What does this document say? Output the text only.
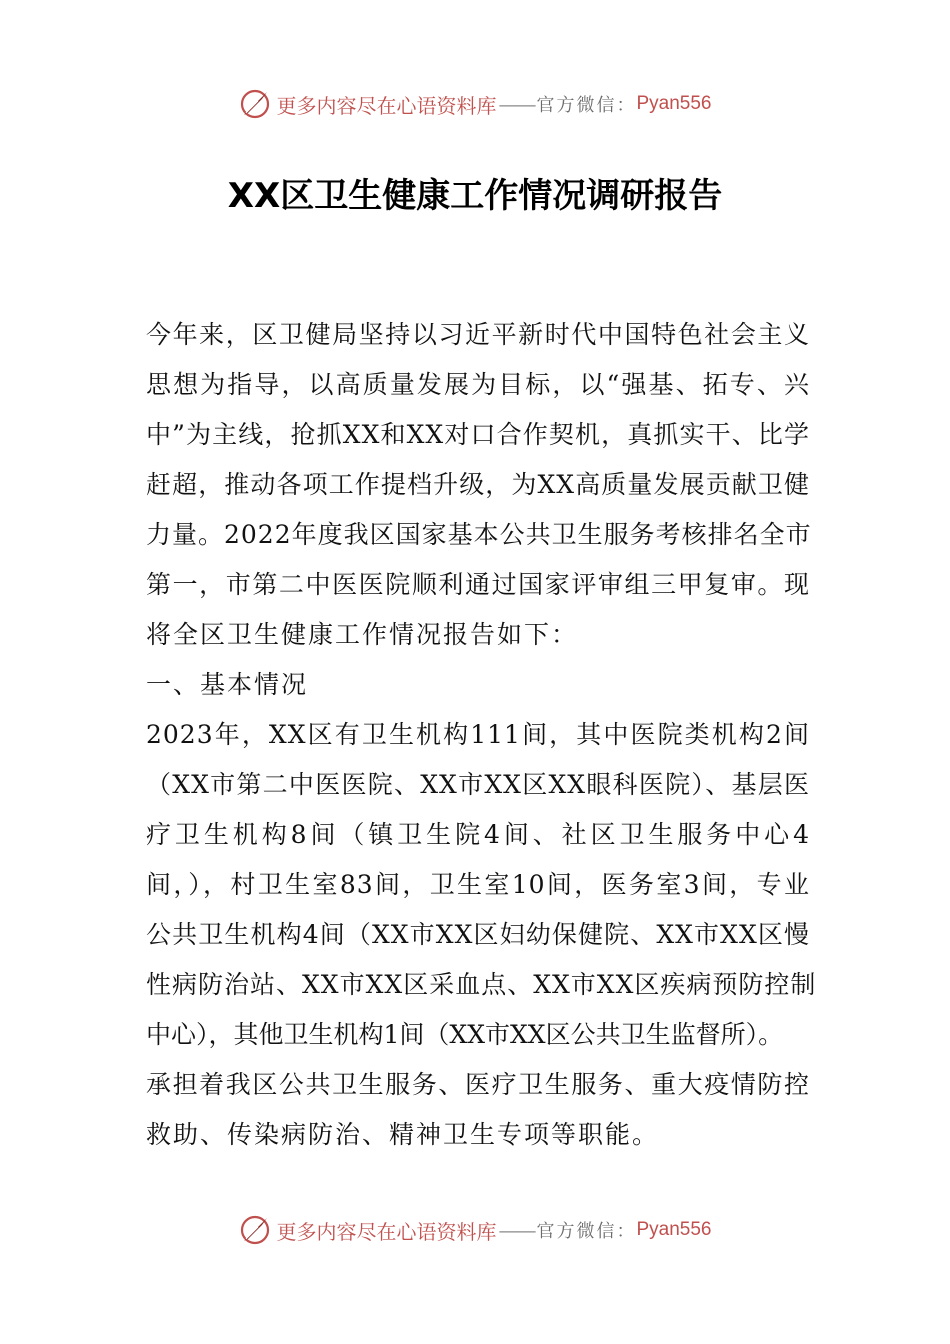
更多内容尽在心语资料库 —— 官方微信： Pyan556
XX区卫生健康工作情况调研报告
今年来，区卫健局坚持以习近平新时代中国特色社会主义
思想为指导，以高质量发展为目标，以“强基、拓专、兴
中”为主线，抢抓XX和XX对口合作契机，真抓实干、比学
赶超，推动各项工作提档升级，为XX高质量发展贡献卫健
力量。2022年度我区国家基本公共卫生服务考核排名全市
第一，市第二中医医院顺利通过国家评审组三甲复审。现
将全区卫生健康工作情况报告如下：
一、基本情况
2023年，XX区有卫生机构111间，其中医院类机构2间
（XX市第二中医医院、XX市XX区XX眼科医院）、基层医
疗卫生机构8间（镇卫生院4间、社区卫生服务中心4
间，），村卫生室83间，卫生室10间，医务室3间，专业
公共卫生机构4间（XX市XX区妇幼保健院、XX市XX区慢
性病防治站、XX市XX区采血点、XX市XX区疾病预防控制
中心），其他卫生机构1间（XX市XX区公共卫生监督所）。
承担着我区公共卫生服务、医疗卫生服务、重大疫情防控
救助、传染病防治、精神卫生专项等职能。
更多内容尽在心语资料库 —— 官方微信： Pyan556
